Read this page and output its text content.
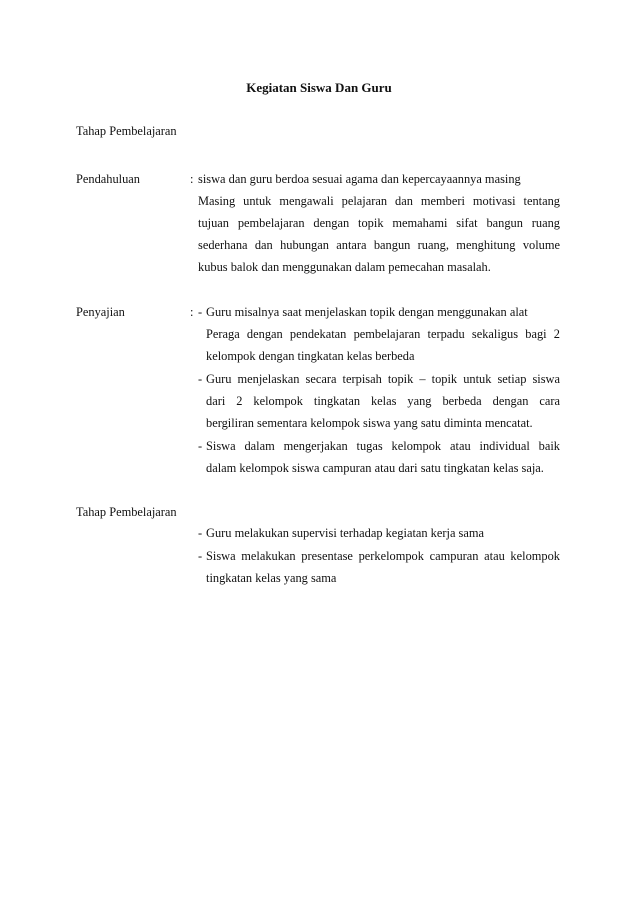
Kegiatan Siswa Dan Guru
Tahap Pembelajaran
Pendahuluan	: siswa dan guru berdoa sesuai agama dan kepercayaannya masing
Masing untuk mengawali pelajaran dan memberi motivasi tentang
tujuan pembelajaran dengan topik memahami sifat bangun ruang
sederhana dan hubungan antara bangun ruang, menghitung volume
kubus balok dan menggunakan dalam pemecahan masalah.
Penyajian	: - Guru misalnya saat menjelaskan topik dengan menggunakan alat
Peraga dengan pendekatan pembelajaran terpadu sekaligus bagi 2
kelompok dengan tingkatan kelas berbeda
- Guru menjelaskan secara terpisah topik – topik untuk setiap siswa
dari 2 kelompok tingkatan kelas yang berbeda dengan cara
bergiliran sementara kelompok siswa yang satu diminta mencatat.
- Siswa dalam mengerjakan tugas kelompok atau individual baik
dalam kelompok siswa campuran atau dari satu tingkatan kelas saja.
Tahap Pembelajaran
- Guru melakukan supervisi terhadap kegiatan kerja sama
- Siswa melakukan presentase perkelompok campuran atau kelompok
tingkatan kelas yang sama
